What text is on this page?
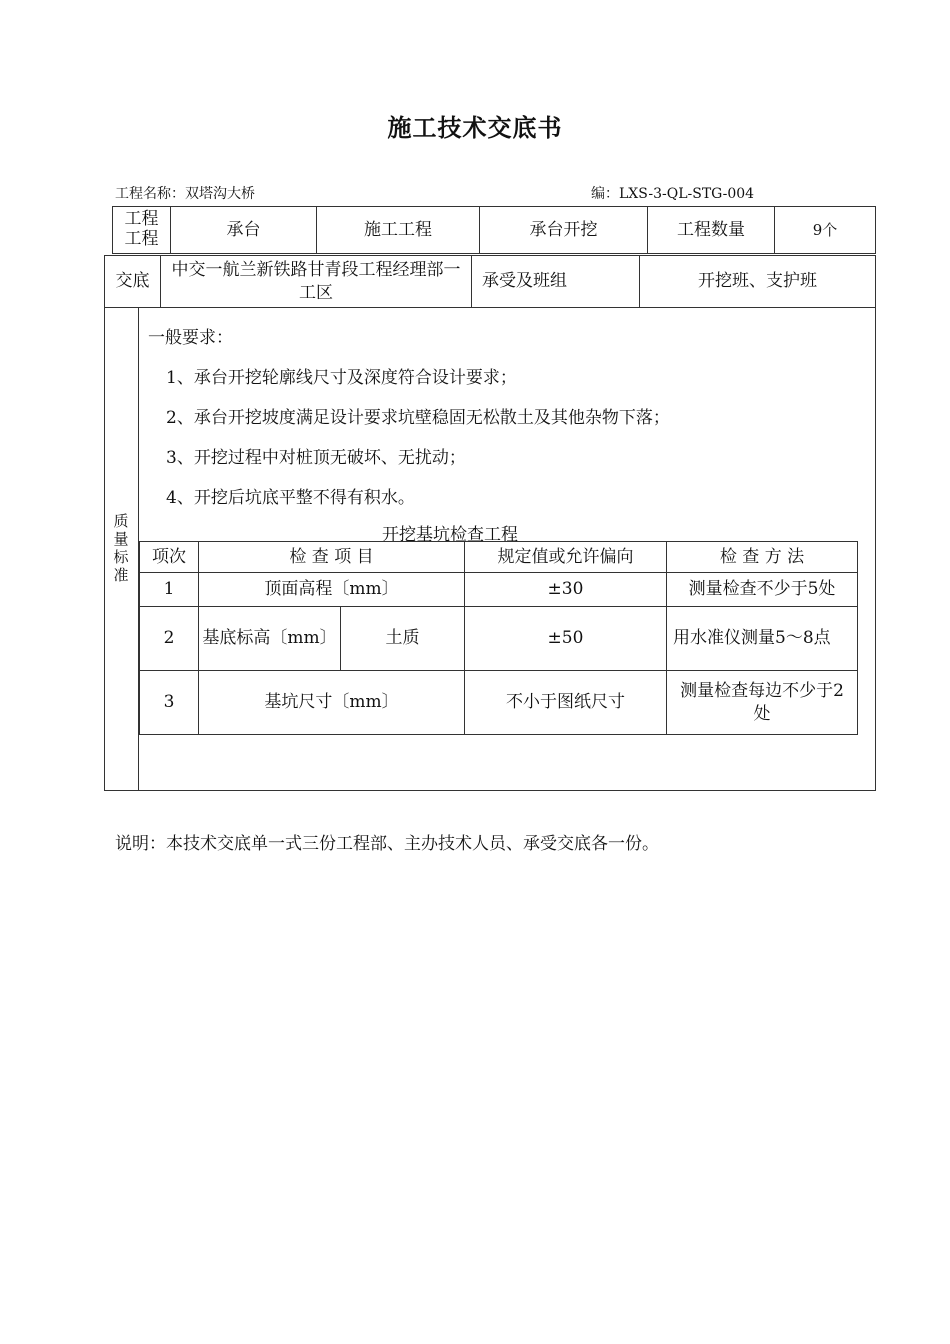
施工技术交底书
工程名称：双塔沟大桥	编：LXS-3-QL-STG-004
工程
工程	承台	施工工程	承台开挖	工程数量	9个
交底	中交一航兰新铁路甘青段工程经理部一工区	承受及班组	开挖班、支护班
质
量
标
准
一般要求：
1、承台开挖轮廓线尺寸及深度符合设计要求；
2、承台开挖坡度满足设计要求坑壁稳固无松散土及其他杂物下落；
3、开挖过程中对桩顶无破坏、无扰动；
4、开挖后坑底平整不得有积水。
开挖基坑检查工程
项次	检 查 项 目		规定值或允许偏向	检 查 方 法
1	顶面高程〔mm〕		±30	测量检查不少于5处
2	基底标高〔mm〕	土质	±50	用水准仪测量5～8点
3	基坑尺寸〔mm〕		不小于图纸尺寸	测量检查每边不少于2处
说明：本技术交底单一式三份工程部、主办技术人员、承受交底各一份。
